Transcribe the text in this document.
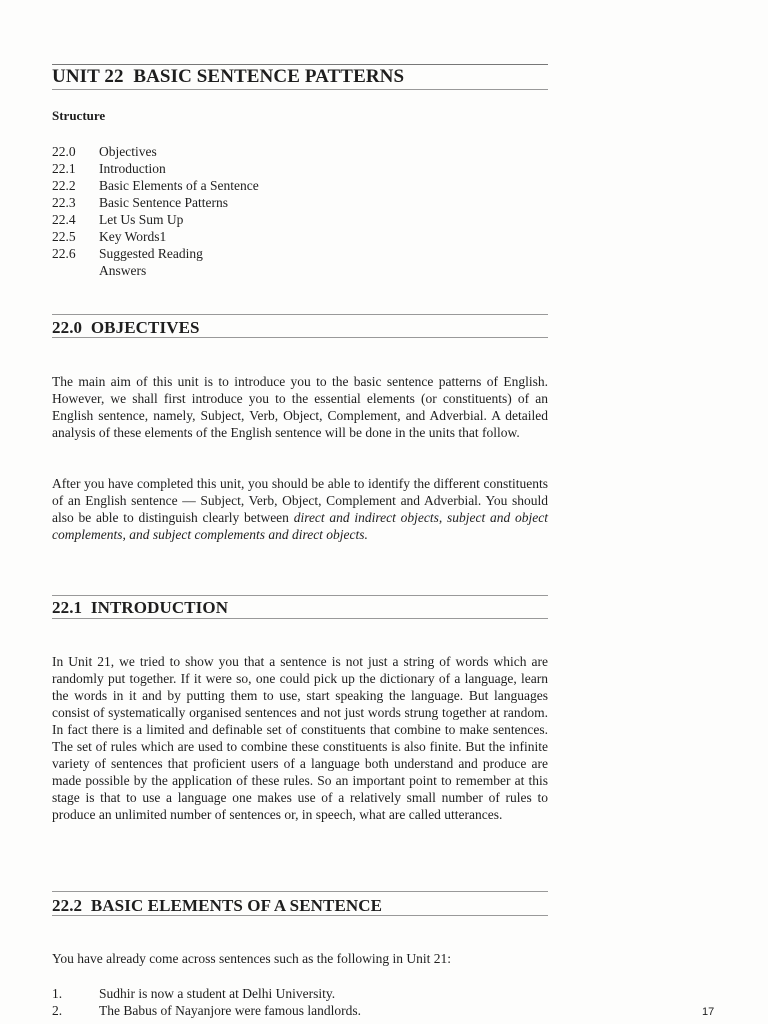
UNIT 22 BASIC SENTENCE PATTERNS
Structure
22.0	Objectives
22.1	Introduction
22.2	Basic Elements of a Sentence
22.3	Basic Sentence Patterns
22.4	Let Us Sum Up
22.5	Key Words1
22.6	Suggested Reading
Answers
22.0 OBJECTIVES

The main aim of this unit is to introduce you to the basic sentence patterns of English. However, we shall first introduce you to the essential elements (or constituents) of an English sentence, namely, Subject, Verb, Object, Complement, and Adverbial. A detailed analysis of these elements of the English sentence will be done in the units that follow.

After you have completed this unit, you should be able to identify the different constituents of an English sentence — Subject, Verb, Object, Complement and Adverbial. You should also be able to distinguish clearly between direct and indirect objects, subject and object complements, and subject complements and direct objects.

22.1 INTRODUCTION

In Unit 21, we tried to show you that a sentence is not just a string of words which are randomly put together. If it were so, one could pick up the dictionary of a language, learn the words in it and by putting them to use, start speaking the language. But languages consist of systematically organised sentences and not just words strung together at random. In fact there is a limited and definable set of constituents that combine to make sentences. The set of rules which are used to combine these constituents is also finite. But the infinite variety of sentences that proficient users of a language both understand and produce are made possible by the application of these rules. So an important point to remember at this stage is that to use a language one makes use of a relatively small number of rules to produce an unlimited number of sentences or, in speech, what are called utterances.

22.2 BASIC ELEMENTS OF A SENTENCE

You have already come across sentences such as the following in Unit 21:

1.	Sudhir is now a student at Delhi University.
2.	The Babus of Nayanjore were famous landlords.	17
